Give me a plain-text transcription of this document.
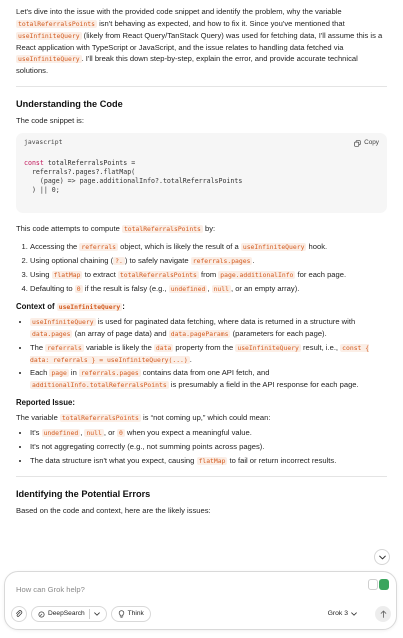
Let's dive into the issue with the provided code snippet and identify the problem, why the variable totalReferralsPoints isn't behaving as expected, and how to fix it. Since you've mentioned that useInfiniteQuery (likely from React Query/TanStack Query) was used for fetching data, I'll assume this is a React application with TypeScript or JavaScript, and the issue relates to handling data fetched via useInfiniteQuery . I'll break this down step-by-step, explain the error, and provide accurate technical solutions.

Understanding the Code

The code snippet is:

javascript	Copy
const totalReferralsPoints =
referrals?.pages?.flatMap(
(page) => page.additionalInfo?.totalReferralsPoints
) || 0;

This code attempts to compute totalReferralsPoints by:

1. Accessing the referrals object, which is likely the result of a useInfiniteQuery hook.
2. Using optional chaining ( ?. ) to safely navigate referrals.pages .
3. Using flatMap to extract totalReferralsPoints from page.additionalInfo for each page.
4. Defaulting to 0 if the result is falsy (e.g., undefined , null , or an empty array).
Context of useInfiniteQuery :
• useInfiniteQuery is used for paginated data fetching, where data is returned in a structure with data.pages (an array of page data) and data.pageParams (parameters for each page).
• The referrals variable is likely the data property from the useInfiniteQuery result, i.e., const { data: referrals } = useInfiniteQuery(...) .
• Each page in referrals.pages contains data from one API fetch, and additionalInfo.totalReferralsPoints is presumably a field in the API response for each page.
Reported Issue:

The variable totalReferralsPoints is “not coming up,” which could mean:

• It's undefined , null , or 0 when you expect a meaningful value.
• It's not aggregating correctly (e.g., not summing points across pages).
• The data structure isn't what you expect, causing flatMap to fail or return incorrect results.
Identifying the Potential Errors

Based on the code and context, here are the likely issues:

How can Grok help?
DeepSearch	Think	Grok 3
